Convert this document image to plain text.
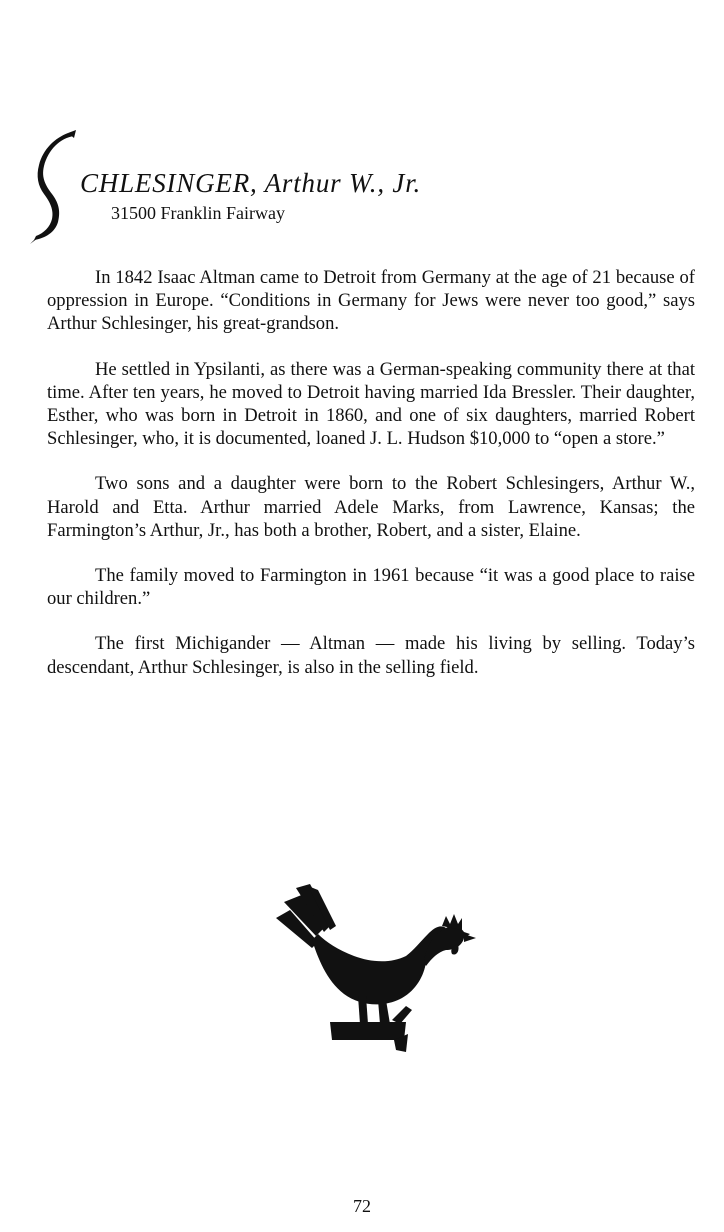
CHLESINGER, Arthur W., Jr.
31500 Franklin Fairway

In 1842 Isaac Altman came to Detroit from Germany at the age of 21 because of oppression in Europe. “Conditions in Germany for Jews were never too good,” says Arthur Schlesinger, his great-grandson.

He settled in Ypsilanti, as there was a German-speaking community there at that time. After ten years, he moved to Detroit having married Ida Bressler. Their daughter, Esther, who was born in Detroit in 1860, and one of six daughters, married Robert Schlesinger, who, it is documented, loaned J. L. Hudson $10,000 to “open a store.”

Two sons and a daughter were born to the Robert Schlesingers, Arthur W., Harold and Etta. Arthur married Adele Marks, from Lawrence, Kansas; the Farmington’s Arthur, Jr., has both a brother, Robert, and a sister, Elaine.

The family moved to Farmington in 1961 because “it was a good place to raise our children.”

The first Michigander — Altman — made his living by selling. Today’s descendant, Arthur Schlesinger, is also in the selling field.

72
